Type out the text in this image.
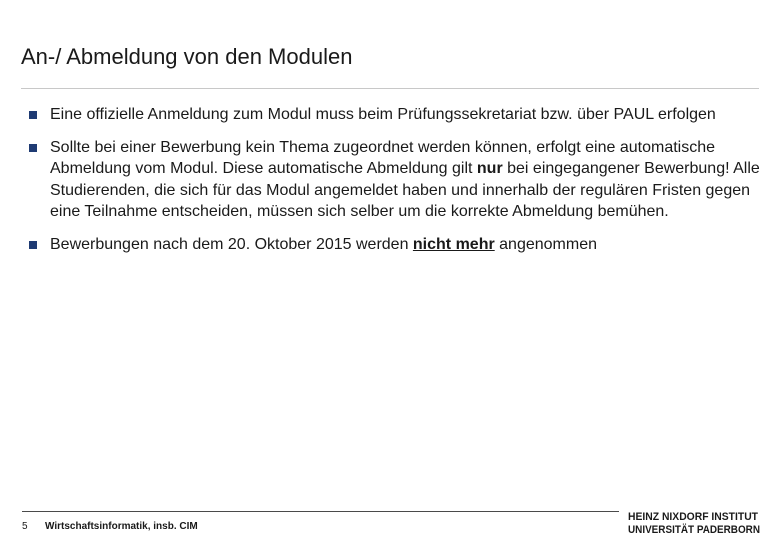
An-/ Abmeldung von den Modulen
Eine offizielle Anmeldung zum Modul muss beim Prüfungssekretariat bzw. über PAUL erfolgen
Sollte bei einer Bewerbung kein Thema zugeordnet werden können, erfolgt eine automatische Abmeldung vom Modul. Diese automatische Abmeldung gilt nur bei eingegangener Bewerbung! Alle Studierenden, die sich für das Modul angemeldet haben und innerhalb der regulären Fristen gegen eine Teilnahme entscheiden, müssen sich selber um die korrekte Abmeldung bemühen.
Bewerbungen nach dem 20. Oktober 2015 werden nicht mehr angenommen
5 Wirtschaftsinformatik, insb. CIM
HEINZ NIXDORF INSTITUT
UNIVERSITÄT PADERBORN
